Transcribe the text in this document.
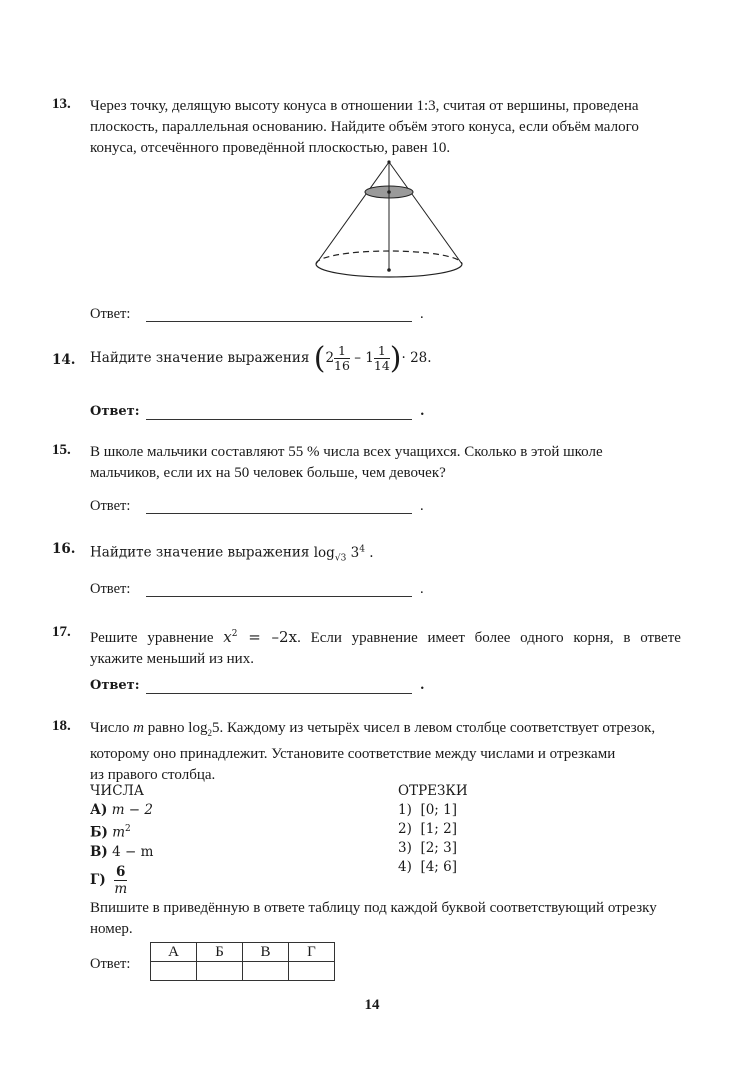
13. Через точку, делящую высоту конуса в отношении 1:3, считая от вершины, проведена
плоскость, параллельная основанию. Найдите объём этого конуса, если объём малого
конуса, отсечённого проведённой плоскостью, равен 10.
Ответ:	.
14. Найдите значение выражения ($2 \frac{1}{16} - 1 \frac{1}{14}$ )· 28.
Ответ:	.
15. В школе мальчики составляют 55 % числа всех учащихся. Сколько в этой школе
мальчиков, если их на 50 человек больше, чем девочек?
Ответ:	.
16. Найдите значение выражения $\log_{√3} 3^4$ .
Ответ:	.
17. Решите уравнение $x^2 = -2x$. Если уравнение имеет более одного корня, в ответе
укажите меньший из них.
Ответ:	.
18. Число m равно $\log_25$. Каждому из четырёх чисел в левом столбце соответствует отрезок,
которому оно принадлежит. Установите соответствие между числами и отрезками
из правого столбца.
ЧИСЛА
А) m − 2
Б) $m^2$
В) 4 − m
$Г) \frac{6}{m}$
ОТРЕЗКИ
1)  [0; 1]
2)  [1; 2]
3)  [2; 3]
4)  [4; 6]
Впишите в приведённую в ответе таблицу под каждой буквой соответствующий отрезку
номер.
Ответ:
А	Б	В	Г

14
